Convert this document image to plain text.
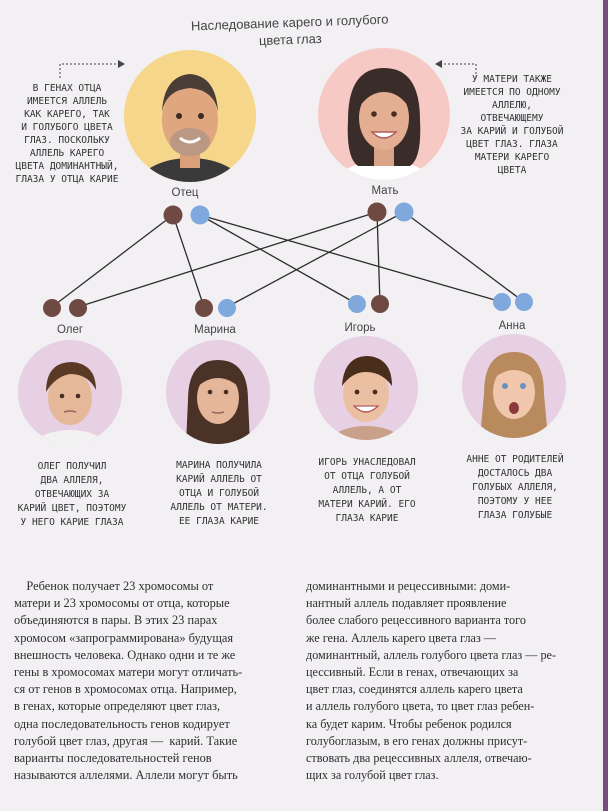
Наследование карего и голубого
цвета глаз
Отец	Мать
В ГЕНАХ ОТЦА
ИМЕЕТСЯ АЛЛЕЛЬ
КАК КАРЕГО, ТАК
И ГОЛУБОГО ЦВЕТА
ГЛАЗ. ПОСКОЛЬКУ
АЛЛЕЛЬ КАРЕГО
ЦВЕТА ДОМИНАНТНЫЙ,
ГЛАЗА У ОТЦА КАРИЕ
У МАТЕРИ ТАКЖЕ
ИМЕЕТСЯ ПО ОДНОМУ
АЛЛЕЛЮ,
ОТВЕЧАЮЩЕМУ
ЗА КАРИЙ И ГОЛУБОЙ
ЦВЕТ ГЛАЗ. ГЛАЗА
МАТЕРИ КАРЕГО
ЦВЕТА
Олег	Марина	Игорь	Анна
ОЛЕГ ПОЛУЧИЛ
ДВА АЛЛЕЛЯ,
ОТВЕЧАЮЩИХ ЗА
КАРИЙ ЦВЕТ, ПОЭТОМУ
У НЕГО КАРИЕ ГЛАЗА
МАРИНА ПОЛУЧИЛА
КАРИЙ АЛЛЕЛЬ ОТ
ОТЦА И ГОЛУБОЙ
АЛЛЕЛЬ ОТ МАТЕРИ.
ЕЕ ГЛАЗА КАРИЕ
ИГОРЬ УНАСЛЕДОВАЛ
ОТ ОТЦА ГОЛУБОЙ
АЛЛЕЛЬ, А ОТ
МАТЕРИ КАРИЙ. ЕГО
ГЛАЗА КАРИЕ
АННЕ ОТ РОДИТЕЛЕЙ
ДОСТАЛОСЬ ДВА
ГОЛУБЫХ АЛЛЕЛЯ,
ПОЭТОМУ У НЕЕ
ГЛАЗА ГОЛУБЫЕ
Ребенок получает 23 хромосомы от
матери и 23 хромосомы от отца, которые
объединяются в пары. В этих 23 парах
хромосом «запрограммирована» будущая
внешность человека. Однако одни и те же
гены в хромосомах матери могут отличать-
ся от генов в хромосомах отца. Например,
в генах, которые определяют цвет глаз,
одна последовательность генов кодирует
голубой цвет глаз, другая —  карий. Такие
варианты последовательностей генов
называются аллелями. Аллели могут быть
доминантными и рецессивными: доми-
нантный аллель подавляет проявление
более слабого рецессивного варианта того
же гена. Аллель карего цвета глаз —
доминантный, аллель голубого цвета глаз — ре-
цессивный. Если в генах, отвечающих за
цвет глаз, соединятся аллель карего цвета
и аллель голубого цвета, то цвет глаз ребен-
ка будет карим. Чтобы ребенок родился
голубоглазым, в его генах должны присут-
ствовать два рецессивных аллеля, отвечаю-
щих за голубой цвет глаз.
